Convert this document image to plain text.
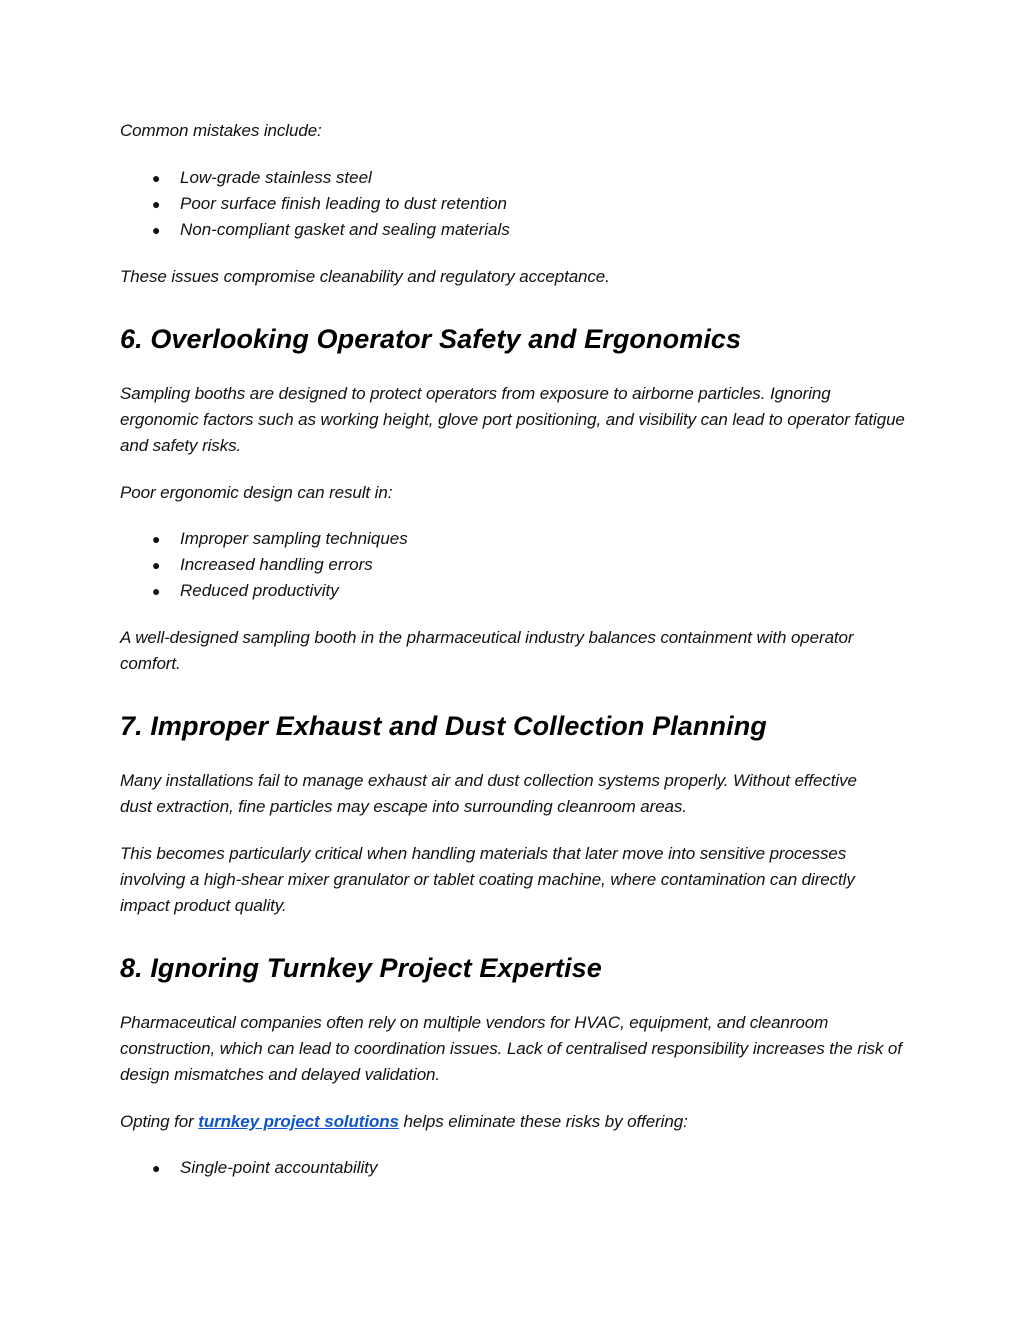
Common mistakes include:

● Low-grade stainless steel
● Poor surface finish leading to dust retention
● Non-compliant gasket and sealing materials

These issues compromise cleanability and regulatory acceptance.

6. Overlooking Operator Safety and Ergonomics

Sampling booths are designed to protect operators from exposure to airborne particles. Ignoring ergonomic factors such as working height, glove port positioning, and visibility can lead to operator fatigue and safety risks.

Poor ergonomic design can result in:

● Improper sampling techniques
● Increased handling errors
● Reduced productivity

A well-designed sampling booth in the pharmaceutical industry balances containment with operator comfort.

7. Improper Exhaust and Dust Collection Planning

Many installations fail to manage exhaust air and dust collection systems properly. Without effective dust extraction, fine particles may escape into surrounding cleanroom areas.

This becomes particularly critical when handling materials that later move into sensitive processes involving a high-shear mixer granulator or tablet coating machine, where contamination can directly impact product quality.

8. Ignoring Turnkey Project Expertise

Pharmaceutical companies often rely on multiple vendors for HVAC, equipment, and cleanroom construction, which can lead to coordination issues. Lack of centralised responsibility increases the risk of design mismatches and delayed validation.

Opting for turnkey project solutions helps eliminate these risks by offering:

● Single-point accountability
